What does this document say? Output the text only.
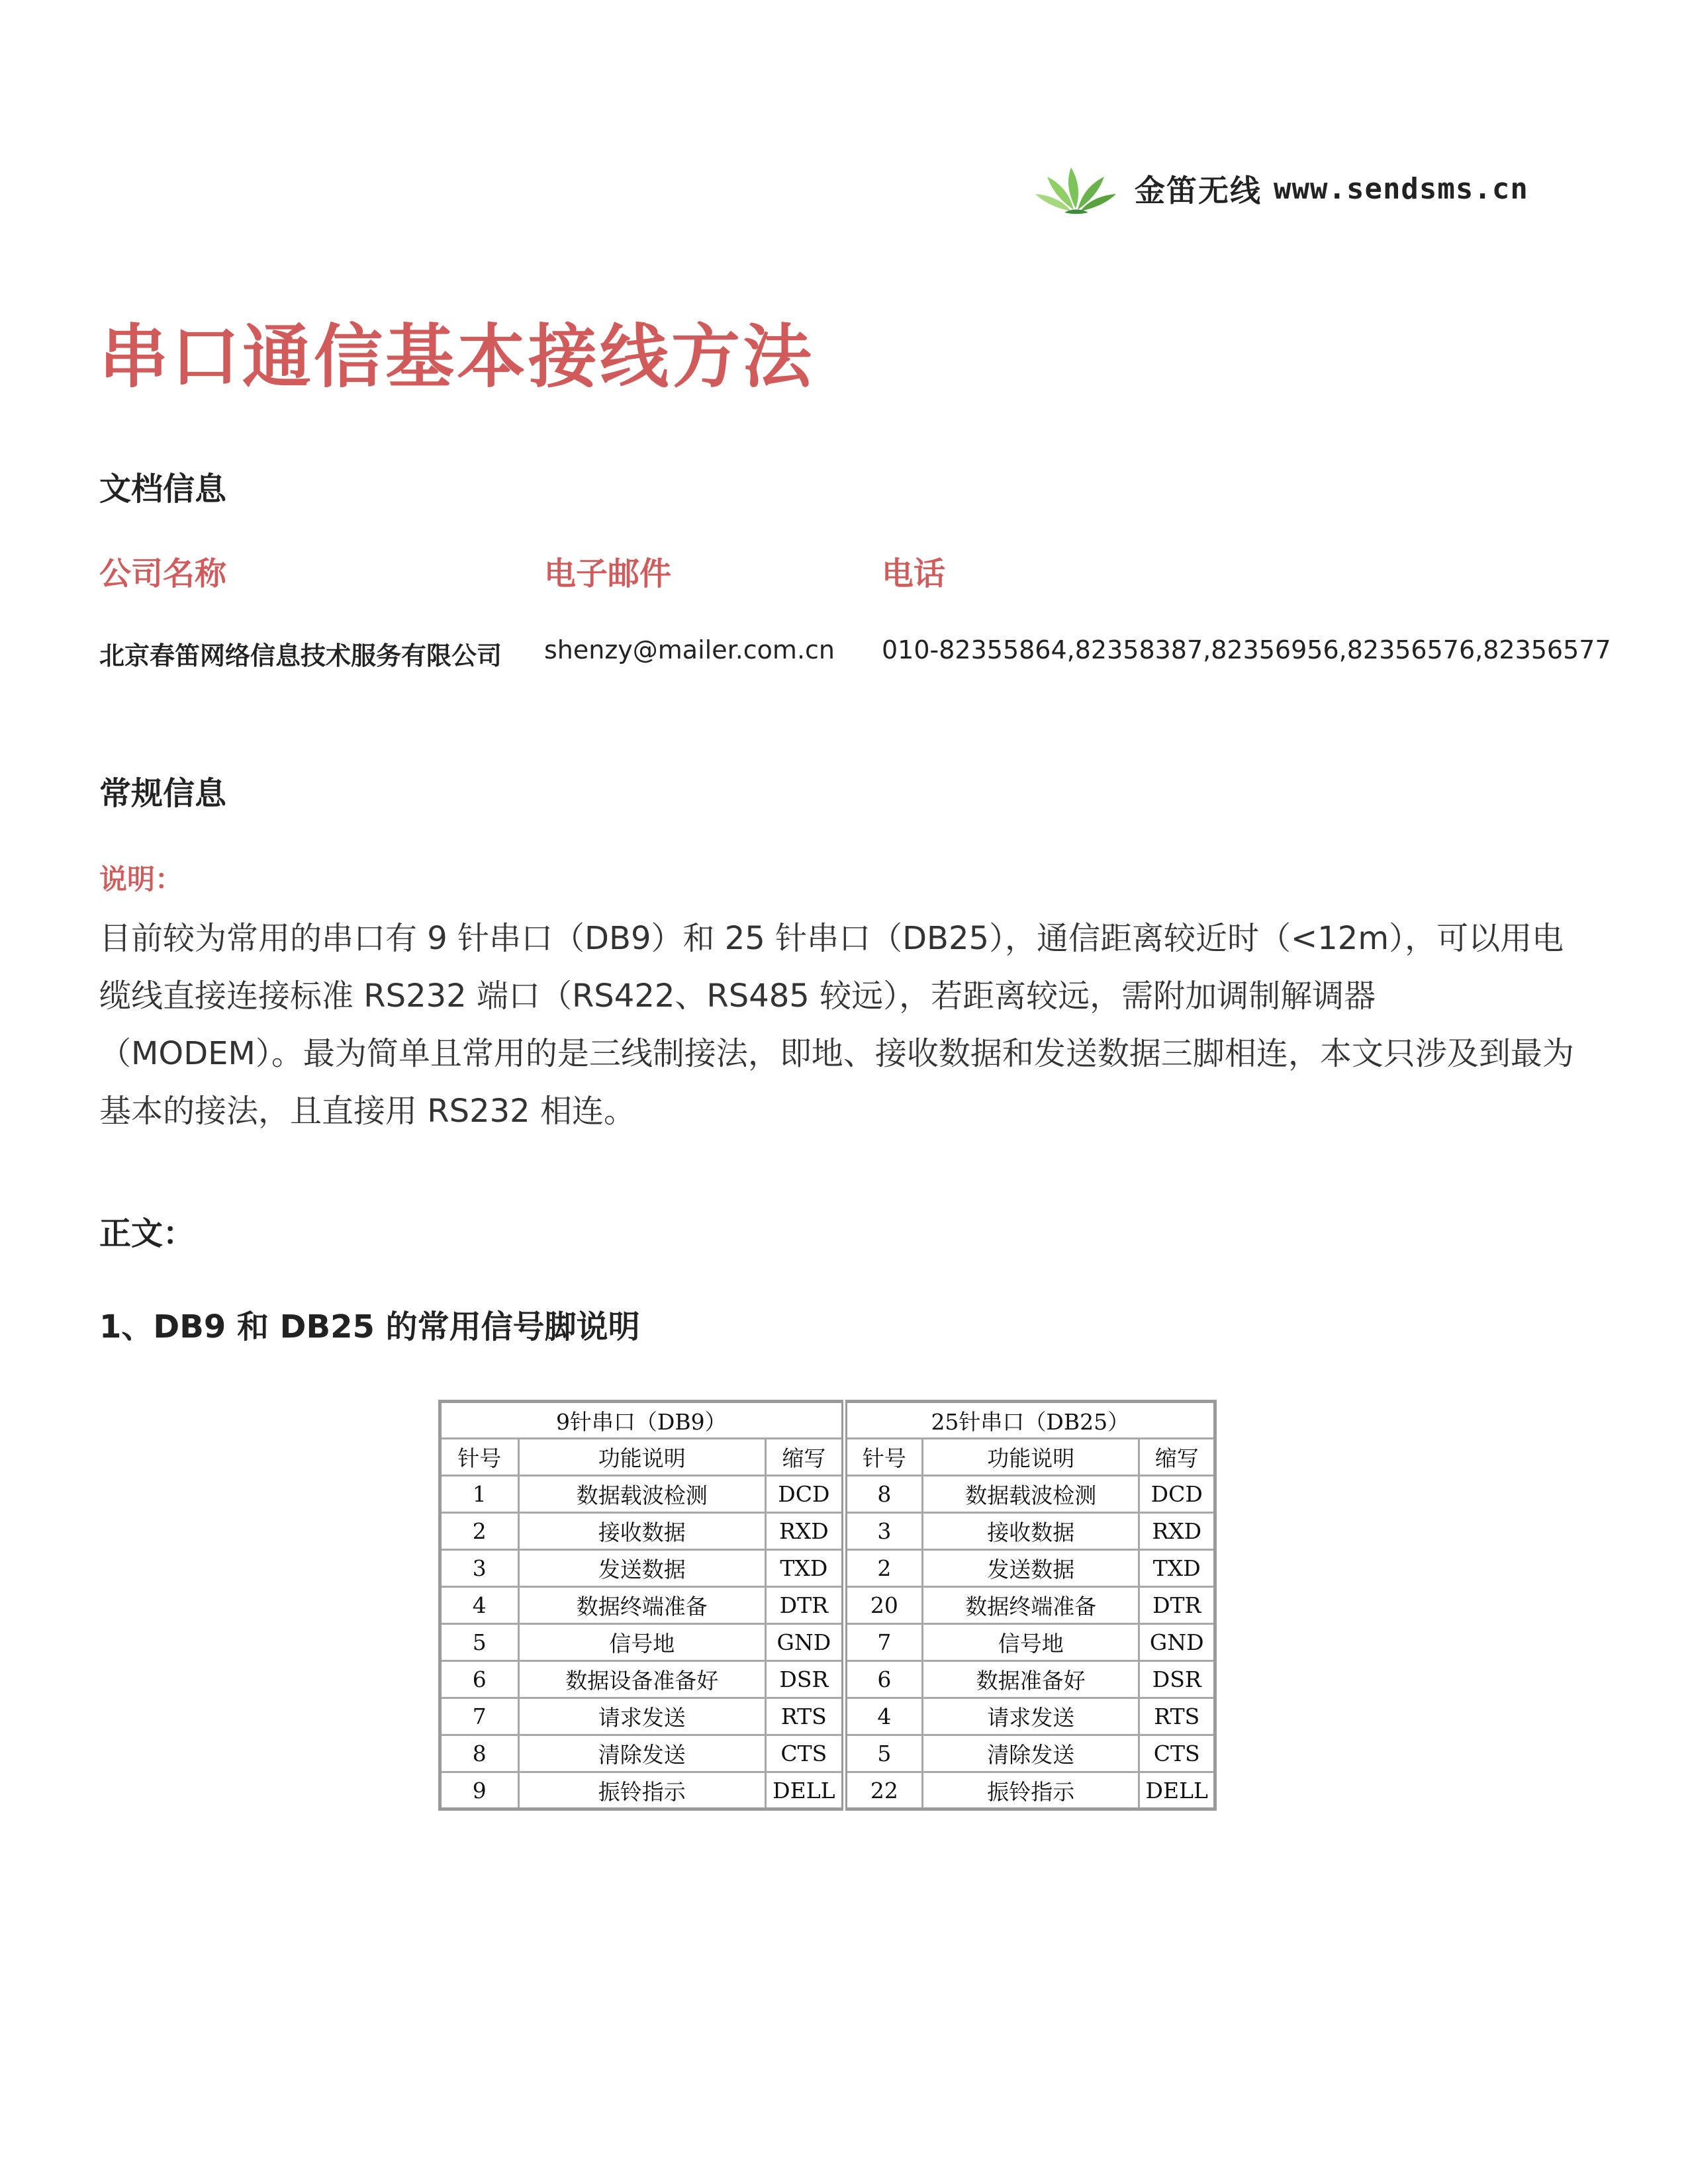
金笛无线 www.sendsms.cn
串口通信基本接线方法
文档信息
公司名称	电子邮件	电话
北京春笛网络信息技术服务有限公司 shenzy@mailer.com.cn 010-82355864,82358387,82356956,82356576,82356577
常规信息
说明：

目前较为常用的串口有 9 针串口（DB9）和 25 针串口（DB25），通信距离较近时（<12m），可以用电缆线直接连接标准 RS232 端口（RS422、RS485 较远），若距离较远，需附加调制解调器（MODEM）。最为简单且常用的是三线制接法，即地、接收数据和发送数据三脚相连，本文只涉及到最为基本的接法，且直接用 RS232 相连。

正文：
1、DB9 和 DB25 的常用信号脚说明
9针串口（DB9）			25针串口（DB25）		
针号	功能说明	缩写	针号	功能说明	缩写
1	数据载波检测	DCD	8	数据载波检测	DCD
2	接收数据	RXD	3	接收数据	RXD
3	发送数据	TXD	2	发送数据	TXD
4	数据终端准备	DTR	20	数据终端准备	DTR
5	信号地	GND	7	信号地	GND
6	数据设备准备好	DSR	6	数据准备好	DSR
7	请求发送	RTS	4	请求发送	RTS
8	清除发送	CTS	5	清除发送	CTS
9	振铃指示	DELL	22	振铃指示	DELL
